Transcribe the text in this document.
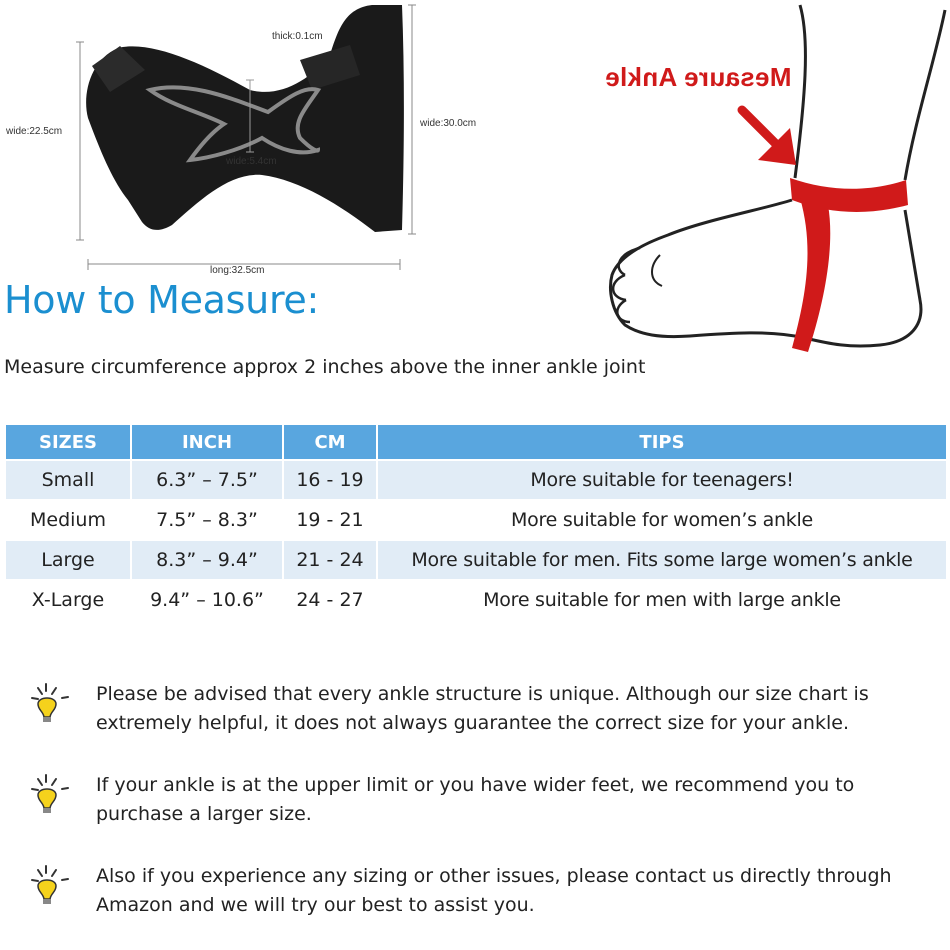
thick:0.1cm
wide:22.5cm
wide:30.0cm
wide:5.4cm
long:32.5cm
Mesaure Ankle
How to Measure:

Measure circumference approx 2 inches above the inner ankle joint

SIZES	INCH	CM	TIPS
Small	6.3” – 7.5”	16 - 19	More suitable for teenagers!
Medium	7.5” – 8.3”	19 - 21	More suitable for women’s ankle
Large	8.3” – 9.4”	21 - 24	More suitable for men. Fits some large women’s ankle
X-Large	9.4” – 10.6”	24 - 27	More suitable for men with large ankle

Please be advised that every ankle structure is unique. Although our size chart is extremely helpful, it does not always guarantee the correct size for your ankle.

If your ankle is at the upper limit or you have wider feet, we recommend you to purchase a larger size.

Also if you experience any sizing or other issues, please contact us directly through Amazon and we will try our best to assist you.
